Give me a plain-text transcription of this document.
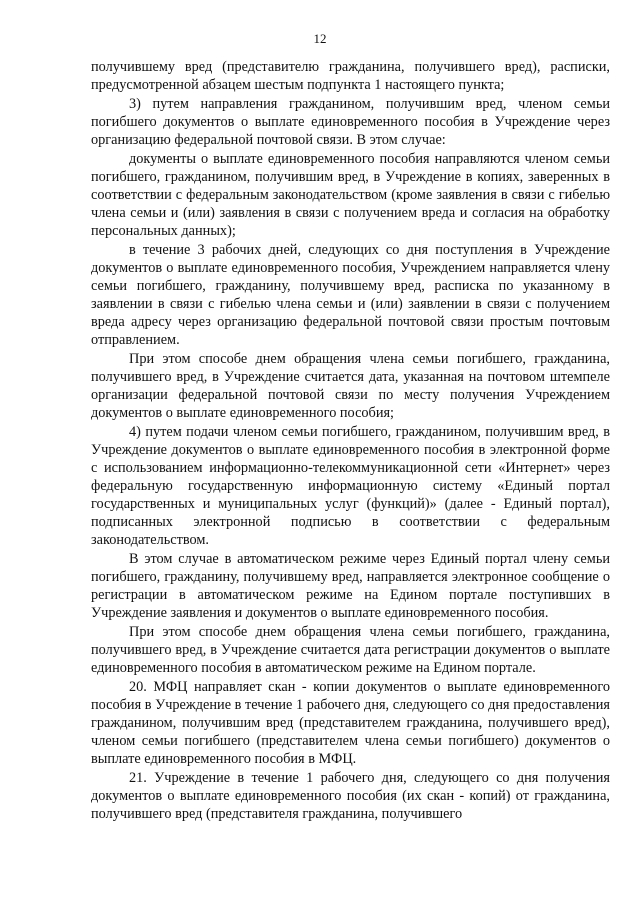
12

получившему вред (представителю гражданина, получившего вред), расписки, предусмотренной абзацем шестым подпункта 1 настоящего пункта;

3) путем направления гражданином, получившим вред, членом семьи погибшего документов о выплате единовременного пособия в Учреждение через организацию федеральной почтовой связи. В этом случае:

документы о выплате единовременного пособия направляются членом семьи погибшего, гражданином, получившим вред, в Учреждение в копиях, заверенных в соответствии с федеральным законодательством (кроме заявления в связи с гибелью члена семьи и (или) заявления в связи с получением вреда и согласия на обработку персональных данных);

в течение 3 рабочих дней, следующих со дня поступления в Учреждение документов о выплате единовременного пособия, Учреждением направляется члену семьи погибшего, гражданину, получившему вред, расписка по указанному в заявлении в связи с гибелью члена семьи и (или) заявлении в связи с получением вреда адресу через организацию федеральной почтовой связи простым почтовым отправлением.

При этом способе днем обращения члена семьи погибшего, гражданина, получившего вред, в Учреждение считается дата, указанная на почтовом штемпеле организации федеральной почтовой связи по месту получения Учреждением документов о выплате единовременного пособия;

4) путем подачи членом семьи погибшего, гражданином, получившим вред, в Учреждение документов о выплате единовременного пособия в электронной форме с использованием информационно-телекоммуникационной сети «Интернет» через федеральную государственную информационную систему «Единый портал государственных и муниципальных услуг (функций)» (далее - Единый портал), подписанных электронной подписью в соответствии с федеральным законодательством.

В этом случае в автоматическом режиме через Единый портал члену семьи погибшего, гражданину, получившему вред, направляется электронное сообщение о регистрации в автоматическом режиме на Едином портале поступивших в Учреждение заявления и документов о выплате единовременного пособия.

При этом способе днем обращения члена семьи погибшего, гражданина, получившего вред, в Учреждение считается дата регистрации документов о выплате единовременного пособия в автоматическом режиме на Едином портале.

20. МФЦ направляет скан - копии документов о выплате единовременного пособия в Учреждение в течение 1 рабочего дня, следующего со дня предоставления гражданином, получившим вред (представителем гражданина, получившего вред), членом семьи погибшего (представителем члена семьи погибшего) документов о выплате единовременного пособия в МФЦ.

21. Учреждение в течение 1 рабочего дня, следующего со дня получения документов о выплате единовременного пособия (их скан - копий) от гражданина, получившего вред (представителя гражданина, получившего
